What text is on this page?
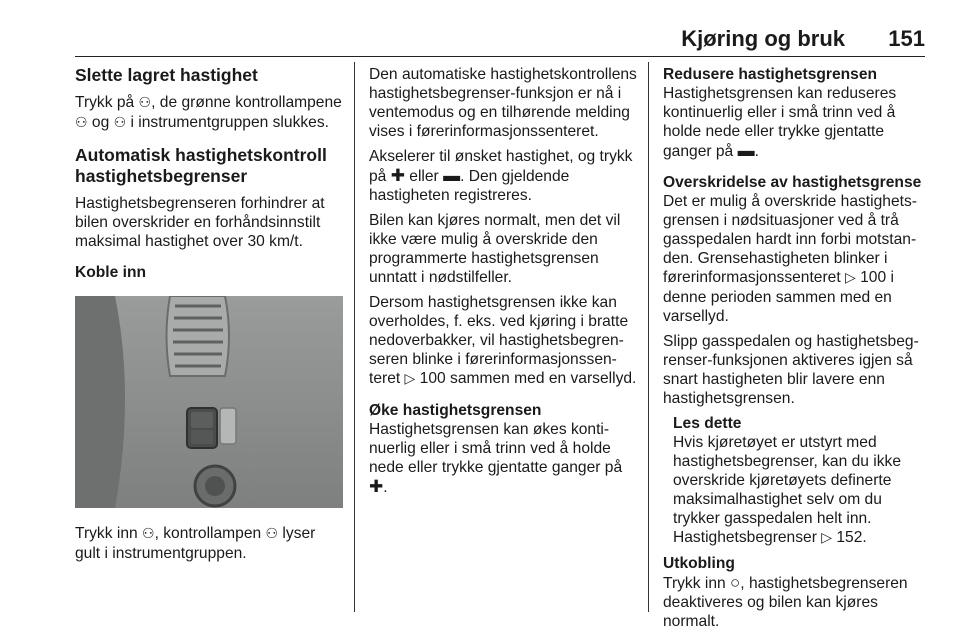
Kjøring og bruk 151
Slette lagret hastighet

Trykk på ⚇, de grønne kontrollampene ⚇ og ⚇ i instrumentgruppen slukkes.

Automatisk hastighetskontroll hastighetsbegrenser

Hastighetsbegrenseren forhindrer at bilen overskrider en forhåndsinnstilt maksimal hastighet over 30 km/t.

Koble inn

Trykk inn ⚇, kontrollampen ⚇ lyser gult i instrumentgruppen.

Den automatiske hastighetskontrollens hastighetsbegrenser-funksjon er nå i ventemodus og en tilhørende melding vises i førerinformasjonssenteret.

Akselerer til ønsket hastighet, og trykk på ✚ eller ▬. Den gjeldende hastigheten registreres.

Bilen kan kjøres normalt, men det vil ikke være mulig å overskride den programmerte hastighetsgrensen unntatt i nødstilfeller.

Dersom hastighetsgrensen ikke kan overholdes, f. eks. ved kjøring i bratte nedoverbakker, vil hastighetsbegrenseren blinke i førerinformasjonssenteret ▷ 100 sammen med en varsellyd.

Øke hastighetsgrensen

Hastighetsgrensen kan økes kontinuerlig eller i små trinn ved å holde nede eller trykke gjentatte ganger på ✚.

Redusere hastighetsgrensen

Hastighetsgrensen kan reduseres kontinuerlig eller i små trinn ved å holde nede eller trykke gjentatte ganger på ▬.

Overskridelse av hastighetsgrense

Det er mulig å overskride hastighetsgrensen i nødsituasjoner ved å trå gasspedalen hardt inn forbi motstanden. Grensehastigheten blinker i førerinformasjonssenteret ▷ 100 i denne perioden sammen med en varsellyd.

Slipp gasspedalen og hastighetsbegrenser-funksjonen aktiveres igjen så snart hastigheten blir lavere enn hastighetsgrensen.

Les dette

Hvis kjøretøyet er utstyrt med hastighetsbegrenser, kan du ikke overskride kjøretøyets definerte maksimalhastighet selv om du trykker gasspedalen helt inn. Hastighetsbegrenser ▷ 152.

Utkobling

Trykk inn ○, hastighetsbegrenseren deaktiveres og bilen kan kjøres normalt.
